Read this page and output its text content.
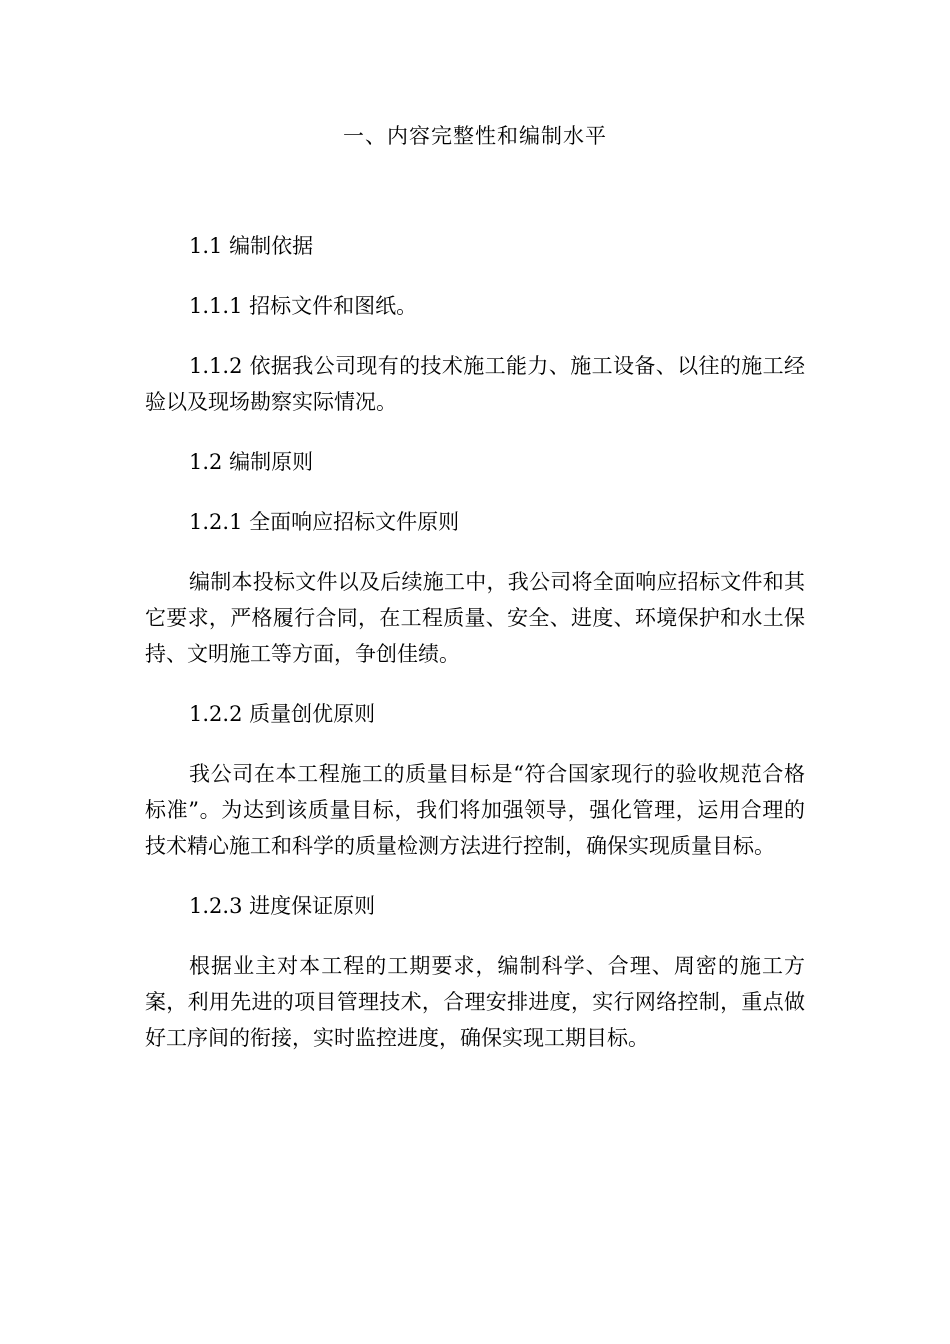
一、内容完整性和编制水平

1.1 编制依据

1.1.1 招标文件和图纸。

1.1.2 依据我公司现有的技术施工能力、施工设备、以往的施工经验以及现场勘察实际情况。

1.2 编制原则

1.2.1 全面响应招标文件原则

编制本投标文件以及后续施工中，我公司将全面响应招标文件和其它要求，严格履行合同，在工程质量、安全、进度、环境保护和水土保持、文明施工等方面，争创佳绩。

1.2.2 质量创优原则

我公司在本工程施工的质量目标是“符合国家现行的验收规范合格标准”。为达到该质量目标，我们将加强领导，强化管理，运用合理的技术精心施工和科学的质量检测方法进行控制，确保实现质量目标。

1.2.3 进度保证原则

根据业主对本工程的工期要求，编制科学、合理、周密的施工方案，利用先进的项目管理技术，合理安排进度，实行网络控制，重点做好工序间的衔接，实时监控进度，确保实现工期目标。
